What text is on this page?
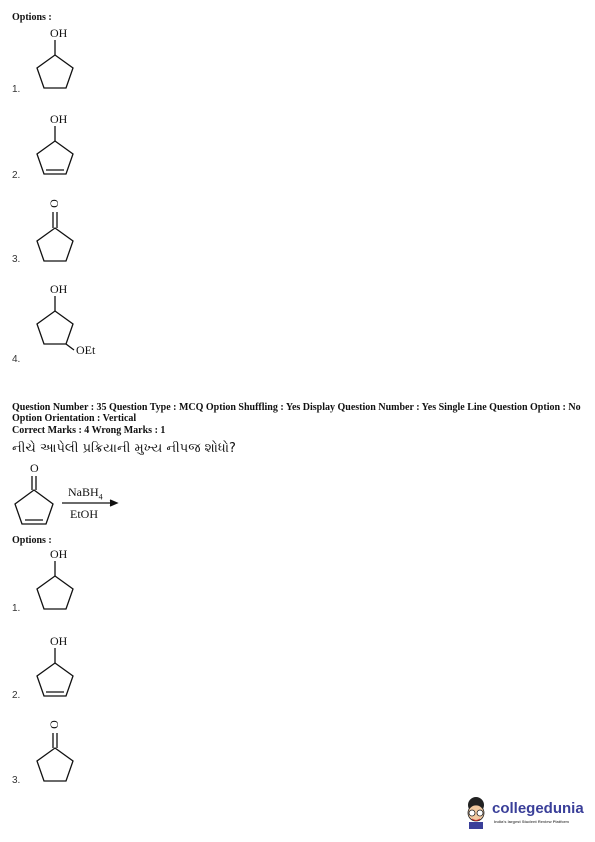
Options :
OH
1.
OH
2.
O
3.
OH
OEt
4.
Question Number : 35 Question Type : MCQ Option Shuffling : Yes Display Question Number : Yes Single Line Question Option : No Option Orientation : Vertical
Correct Marks : 4 Wrong Marks : 1
નીચે આપેલી પ્રક્રિયાની મુખ્ય નીપજ શોધો?
O
NaBH$_4$
EtOH
Options :
OH
1.
OH
2.
O
3.
collegedunia
India's largest Student Review Platform
